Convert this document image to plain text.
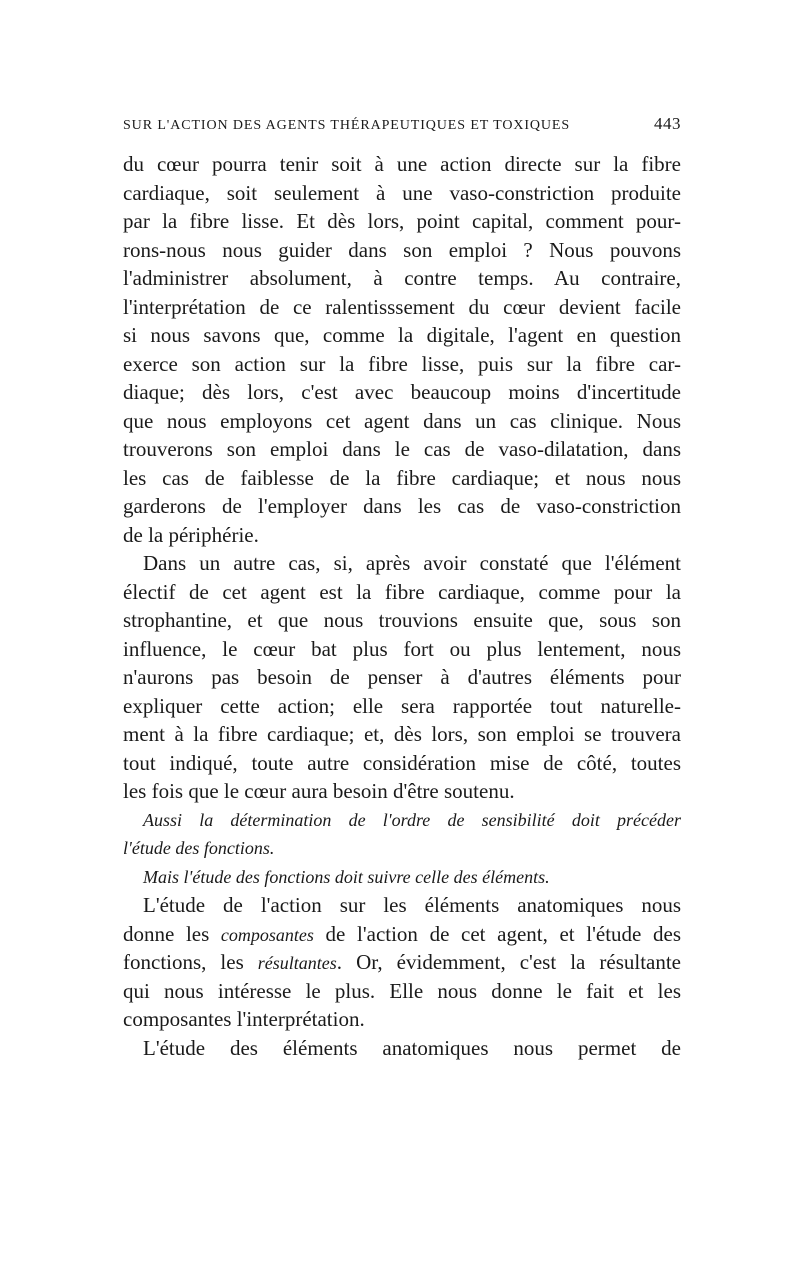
SUR L'ACTION DES AGENTS THÉRAPEUTIQUES ET TOXIQUES	443
du cœur pourra tenir soit à une action directe sur la fibre
cardiaque, soit seulement à une vaso-constriction produite
par la fibre lisse. Et dès lors, point capital, comment pour-
rons-nous nous guider dans son emploi ? Nous pouvons
l'administrer absolument, à contre temps. Au contraire,
l'interprétation de ce ralentisssement du cœur devient facile
si nous savons que, comme la digitale, l'agent en question
exerce son action sur la fibre lisse, puis sur la fibre car-
diaque; dès lors, c'est avec beaucoup moins d'incertitude
que nous employons cet agent dans un cas clinique. Nous
trouverons son emploi dans le cas de vaso-dilatation, dans
les cas de faiblesse de la fibre cardiaque; et nous nous
garderons de l'employer dans les cas de vaso-constriction
de la périphérie.
Dans un autre cas, si, après avoir constaté que l'élément
électif de cet agent est la fibre cardiaque, comme pour la
strophantine, et que nous trouvions ensuite que, sous son
influence, le cœur bat plus fort ou plus lentement, nous
n'aurons pas besoin de penser à d'autres éléments pour
expliquer cette action; elle sera rapportée tout naturelle-
ment à la fibre cardiaque; et, dès lors, son emploi se trouvera
tout indiqué, toute autre considération mise de côté, toutes
les fois que le cœur aura besoin d'être soutenu.
Aussi la détermination de l'ordre de sensibilité doit précéder
l'étude des fonctions.
Mais l'étude des fonctions doit suivre celle des éléments.
L'étude de l'action sur les éléments anatomiques nous
donne les composantes de l'action de cet agent, et l'étude des
fonctions, les résultantes. Or, évidemment, c'est la résultante
qui nous intéresse le plus. Elle nous donne le fait et les
composantes l'interprétation.
L'étude des éléments anatomiques nous permet de
